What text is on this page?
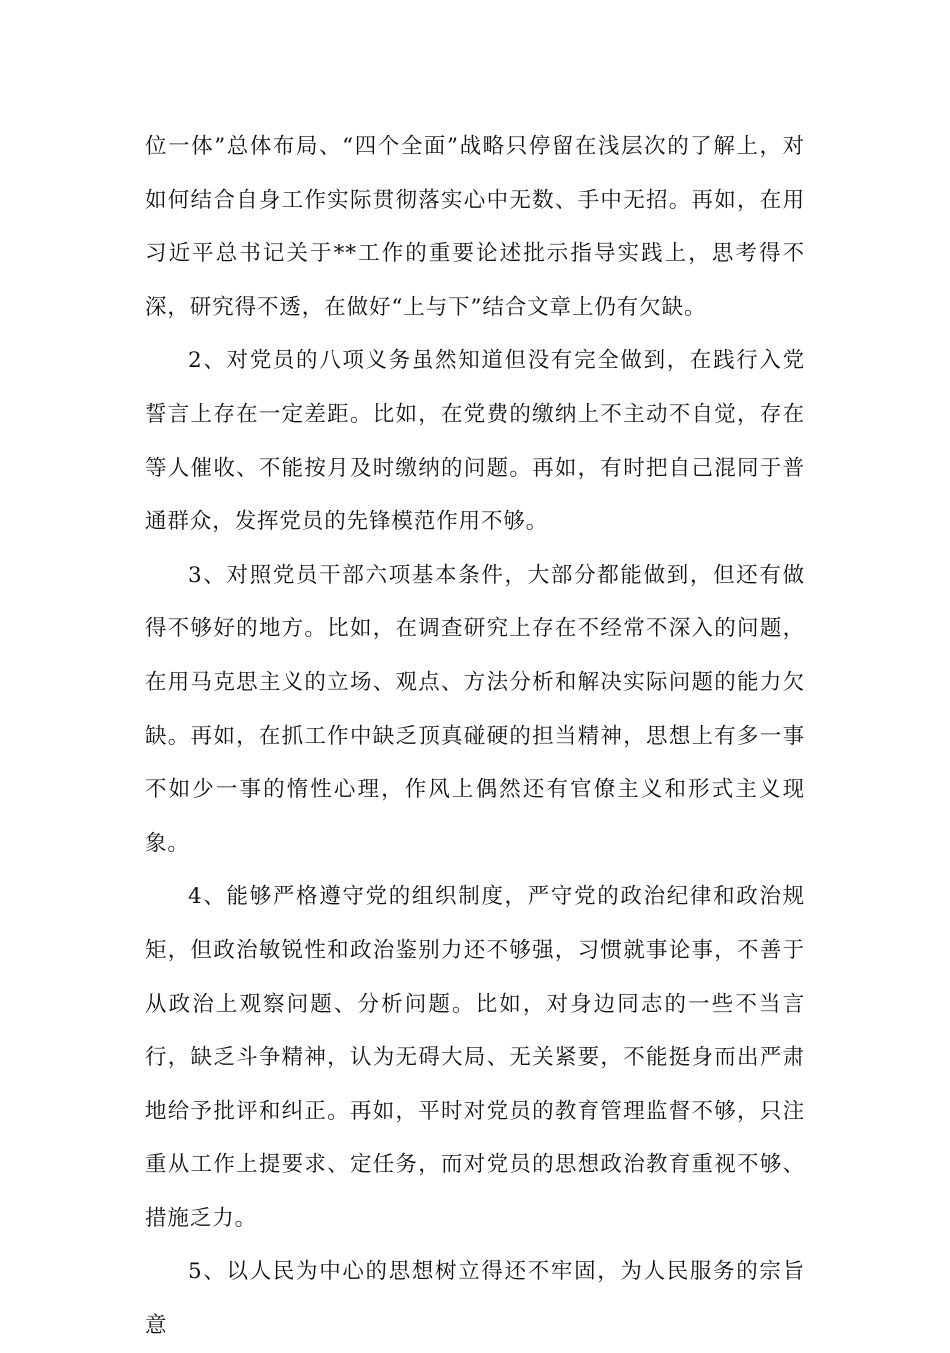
位一体”总体布局、“四个全面”战略只停留在浅层次的了解上，对如何结合自身工作实际贯彻落实心中无数、手中无招。再如，在用习近平总书记关于**工作的重要论述批示指导实践上，思考得不深，研究得不透，在做好“上与下”结合文章上仍有欠缺。

2、对党员的八项义务虽然知道但没有完全做到，在践行入党誓言上存在一定差距。比如，在党费的缴纳上不主动不自觉，存在等人催收、不能按月及时缴纳的问题。再如，有时把自己混同于普通群众，发挥党员的先锋模范作用不够。

3、对照党员干部六项基本条件，大部分都能做到，但还有做得不够好的地方。比如，在调查研究上存在不经常不深入的问题，在用马克思主义的立场、观点、方法分析和解决实际问题的能力欠缺。再如，在抓工作中缺乏顶真碰硬的担当精神，思想上有多一事不如少一事的惰性心理，作风上偶然还有官僚主义和形式主义现象。

4、能够严格遵守党的组织制度，严守党的政治纪律和政治规矩，但政治敏锐性和政治鉴别力还不够强，习惯就事论事，不善于从政治上观察问题、分析问题。比如，对身边同志的一些不当言行，缺乏斗争精神，认为无碍大局、无关紧要，不能挺身而出严肃地给予批评和纠正。再如，平时对党员的教育管理监督不够，只注重从工作上提要求、定任务，而对党员的思想政治教育重视不够、措施乏力。

5、以人民为中心的思想树立得还不牢固，为人民服务的宗旨意
